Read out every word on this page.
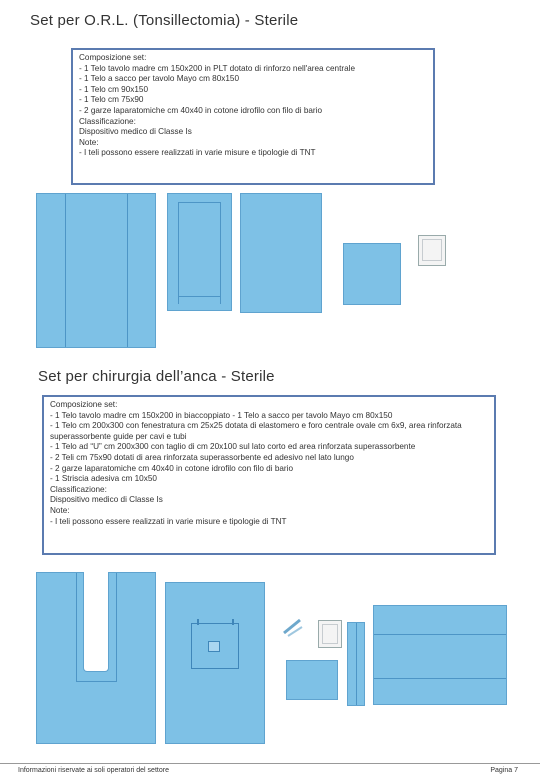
Set per O.R.L. (Tonsillectomia) - Sterile
Composizione set:
- 1 Telo tavolo madre cm 150x200 in PLT dotato di rinforzo nell'area centrale
- 1 Telo a sacco per tavolo Mayo cm 80x150
- 1 Telo cm 90x150
- 1 Telo cm 75x90
- 2 garze laparatomiche cm 40x40 in cotone idrofilo con filo di bario
Classificazione:
Dispositivo medico di Classe Is
Note:
- I teli possono essere realizzati in varie misure e tipologie di TNT
Set per chirurgia dell’anca - Sterile
Composizione set:
- 1 Telo tavolo madre cm 150x200 in biaccoppiato - 1 Telo a sacco per tavolo Mayo cm 80x150
- 1 Telo cm 200x300 con fenestratura cm 25x25 dotata di elastomero e foro centrale ovale cm 6x9, area rinforzata superassorbente guide per cavi e tubi
- 1 Telo ad “U” cm 200x300 con taglio di cm 20x100 sul lato corto ed area rinforzata superassorbente
- 2 Teli cm 75x90 dotati di area rinforzata superassorbente ed adesivo nel lato lungo
- 2 garze laparatomiche cm 40x40 in cotone idrofilo con filo di bario
- 1 Striscia adesiva cm 10x50
Classificazione:
Dispositivo medico di Classe Is
Note:
- I teli possono essere realizzati in varie misure e tipologie di TNT
Informazioni riservate ai soli operatori del settore	Pagina 7
